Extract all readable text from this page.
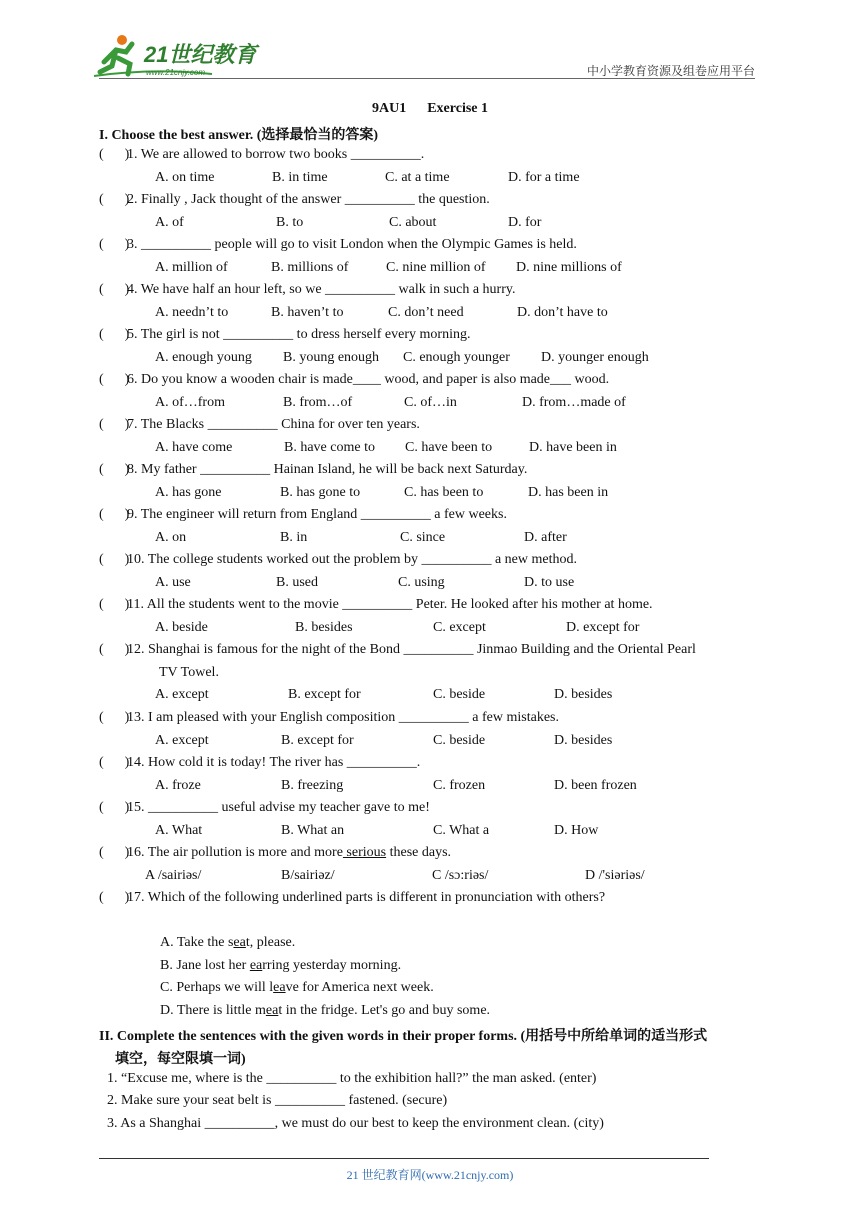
21世纪教育
www.21cnjy.com	中小学教育资源及组卷应用平台
9AU1      Exercise 1
I. Choose the best answer. (选择最恰当的答案)
(      )1. We are allowed to borrow two books __________.
A. on time	B. in time	C. at a time	D. for a time
(      )2. Finally , Jack thought of the answer __________ the question.
A. of	B. to	C. about	D. for
(      )3. __________ people will go to visit London when the Olympic Games is held.
A. million of	B. millions of	C. nine million of D. nine millions of
(      )4. We have half an hour left, so we __________ walk in such a hurry.
A. needn’t to	B. haven’t to	C. don’t need	D. don’t have to
(      )5. The girl is not __________ to dress herself every morning.
A. enough young B. young enough C. enough younger D. younger enough
(      )6. Do you know a wooden chair is made____ wood, and paper is also made___ wood.
A. of…from	B. from…of	C. of…in	D. from…made of
(      )7. The Blacks __________ China for over ten years.
A. have come	B. have come to C. have been to	D. have been in
(      )8. My father __________ Hainan Island, he will be back next Saturday.
A. has gone	B. has gone to	C. has been to	D. has been in
(      )9. The engineer will return from England __________ a few weeks.
A. on	B. in	C. since	D. after
(      )10. The college students worked out the problem by __________ a new method.
A. use	B. used	C. using	D. to use
(      )11. All the students went to the movie __________ Peter. He looked after his mother at home.
A. beside	B. besides	C. except	D. except for
(      )12. Shanghai is famous for the night of the Bond __________ Jinmao Building and the Oriental Pearl
TV Towel.
A. except	B. except for	C. beside	D. besides
(      )13. I am pleased with your English composition __________ a few mistakes.
A. except	B. except for	C. beside	D. besides
(      )14. How cold it is today! The river has __________.
A. froze	B. freezing	C. frozen	D. been frozen
(      )15. __________ useful advise my teacher gave to me!
A. What	B. What an	C. What a	D. How
(      )16. The air pollution is more and more serious these days.
A /sairiəs/	B/sairiəz/	C /sɔ:riəs/	D /'siəriəs/
(      )17. Which of the following underlined parts is different in pronunciation with others?
A. Take the seat, please.
B. Jane lost her earring yesterday morning.
C. Perhaps we will leave for America next week.
D. There is little meat in the fridge. Let's go and buy some.
II. Complete the sentences with the given words in their proper forms. (用括号中所给单词的适当形式
填空，每空限填一词)
1. “Excuse me, where is the __________ to the exhibition hall?” the man asked. (enter)
2. Make sure your seat belt is __________ fastened. (secure)
3. As a Shanghai __________, we must do our best to keep the environment clean. (city)
21 世纪教育网(www.21cnjy.com)
